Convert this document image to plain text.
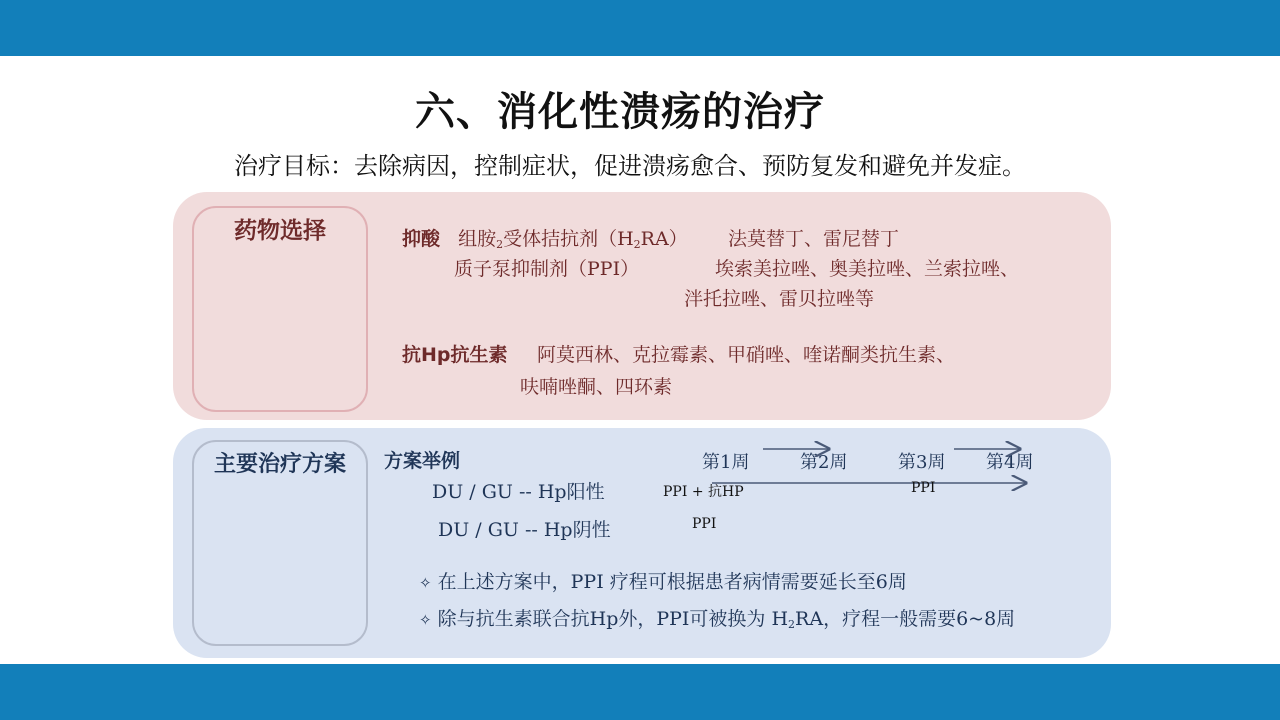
六、消化性溃疡的治疗
治疗目标：去除病因，控制症状，促进溃疡愈合、预防复发和避免并发症。
药物选择	抑酸 组胺$_2$受体拮抗剂$(H_2RA)$ 法莫替丁、雷尼替丁
质子泵抑制剂（PPI）	埃索美拉唑、奥美拉唑、兰索拉唑、
泮托拉唑、雷贝拉唑等
抗Hp抗生素 阿莫西林、克拉霉素、甲硝唑、喹诺酮类抗生素、
呋喃唑酮、四环素
主要治疗方案	方案举例	第1周	第2周	第3周 第4周
DU / GU -- Hp阳性	PPI + 抗HP	PPI
DU / GU -- Hp阴性	PPI
✧ 在上述方案中，PPI 疗程可根据患者病情需要延长至6周
✧ 除与抗生素联合抗Hp外，PPI可被换为 $H_2RA$，疗程一般需要6~8周
